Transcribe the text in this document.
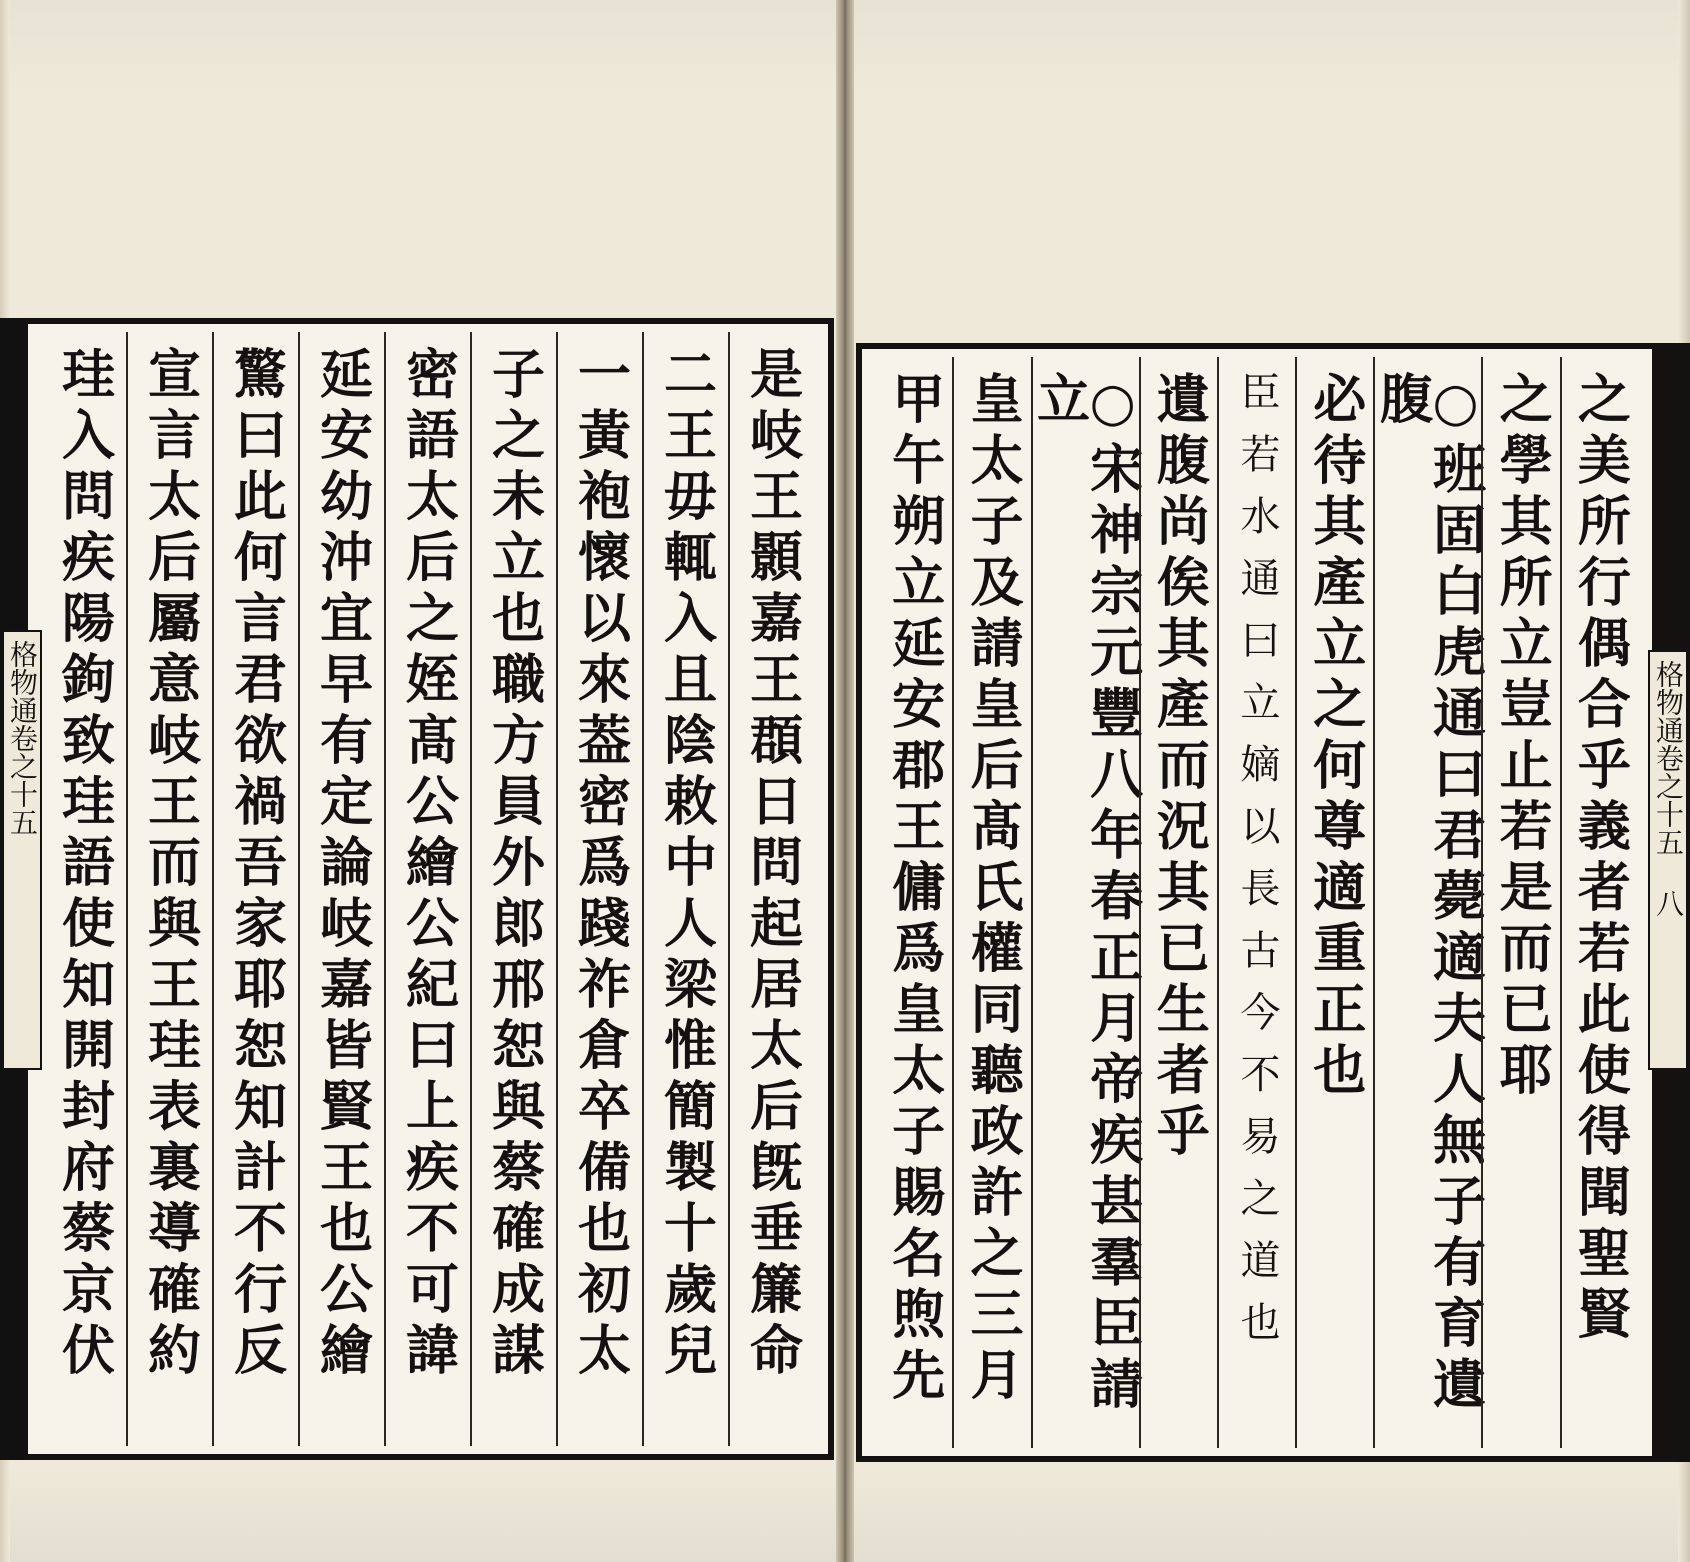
是岐王顥嘉王頵日問起居太后旣垂簾命
二王毋輒入且陰敕中人梁惟簡製十歲兒
一黃袍懷以來葢密爲踐祚倉卒備也初太
子之未立也職方員外郎邢恕與蔡確成謀
密語太后之姪髙公繪公紀曰上疾不可諱
延安幼沖宜早有定論岐嘉皆賢王也公繪
驚曰此何言君欲禍吾家耶恕知計不行反
宣言太后屬意岐王而與王珪表裏導確約
珪入問疾陽鉤致珪語使知開封府蔡京伏
格物通卷之十五	之美所行偶合乎義者若此使得聞聖賢
之學其所立豈止若是而已耶
○班固白虎通曰君薨適夫人無子有育遺腹
必待其產立之何尊適重正也
臣若水通曰立嫡以長古今不易之道也
遺腹尚俟其產而況其已生者乎
○宋神宗元豐八年春正月帝疾甚羣臣請立
皇太子及請皇后髙氏權同聽政許之三月
甲午朔立延安郡王傭爲皇太子賜名煦先	格物通卷之十五 八
